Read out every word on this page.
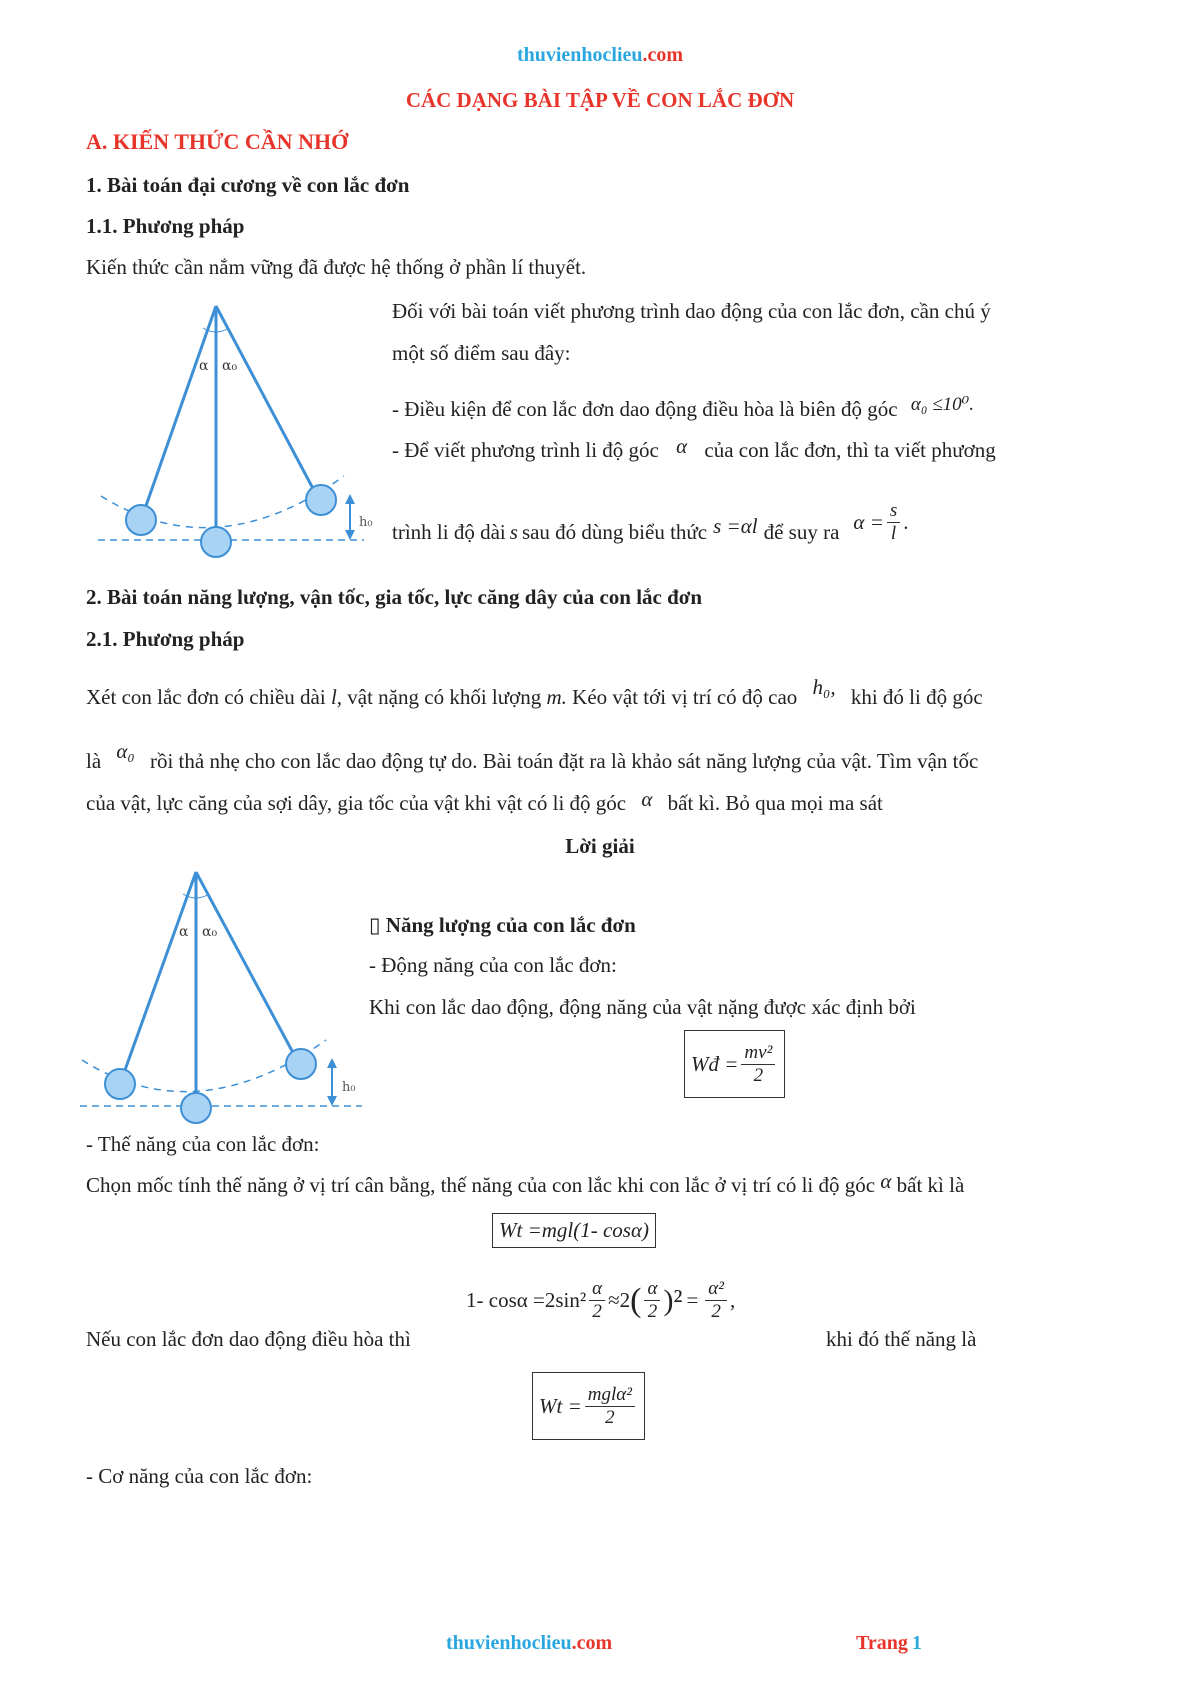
thuvienhoclieu.com
CÁC DẠNG BÀI TẬP VỀ CON LẮC ĐƠN
A. KIẾN THỨC CẦN NHỚ
1. Bài toán đại cương về con lắc đơn
1.1. Phương pháp
Kiến thức cần nắm vững đã được hệ thống ở phần lí thuyết.
α α₀
h₀
Đối với bài toán viết phương trình dao động của con lắc đơn, cần chú ý
một số điểm sau đây:
- Điều kiện để con lắc đơn dao động điều hòa là biên độ góc α₀ ≤10⁰.
- Để viết phương trình li độ góc α của con lắc đơn, thì ta viết phương
trình li độ dài s sau đó dùng biểu thức s =αl để suy ra $\alpha = \frac{s}{l}$ .
2. Bài toán năng lượng, vận tốc, gia tốc, lực căng dây của con lắc đơn
2.1. Phương pháp
Xét con lắc đơn có chiều dài l, vật nặng có khối lượng m. Kéo vật tới vị trí có độ cao h₀, khi đó li độ góc
là α₀ rồi thả nhẹ cho con lắc dao động tự do. Bài toán đặt ra là khảo sát năng lượng của vật. Tìm vận tốc
của vật, lực căng của sợi dây, gia tốc của vật khi vật có li độ góc α bất kì. Bỏ qua mọi ma sát
Lời giải
α α₀
h₀
▯ Năng lượng của con lắc đơn
- Động năng của con lắc đơn:
Khi con lắc dao động, động năng của vật nặng được xác định bởi
Wđ = $\frac{\text{mv²}}{2}$
- Thế năng của con lắc đơn:
Chọn mốc tính thế năng ở vị trí cân bằng, thế năng của con lắc khi con lắc ở vị trí có li độ góc α bất kì là
Wt =mgl(1- cosα)
Nếu con lắc đơn dao động điều hòa thì
1- $\cos\alpha =2\sin^2 \frac{\alpha}{2} \approx 2$ ( $\frac{\alpha}{2} )^2 = \frac{\text{α²}}{2}$ ,
khi đó thế năng là
$Wt = \frac{\text{mglα²}}{2}$
- Cơ năng của con lắc đơn:
thuvienhoclieu.com	Trang 1
